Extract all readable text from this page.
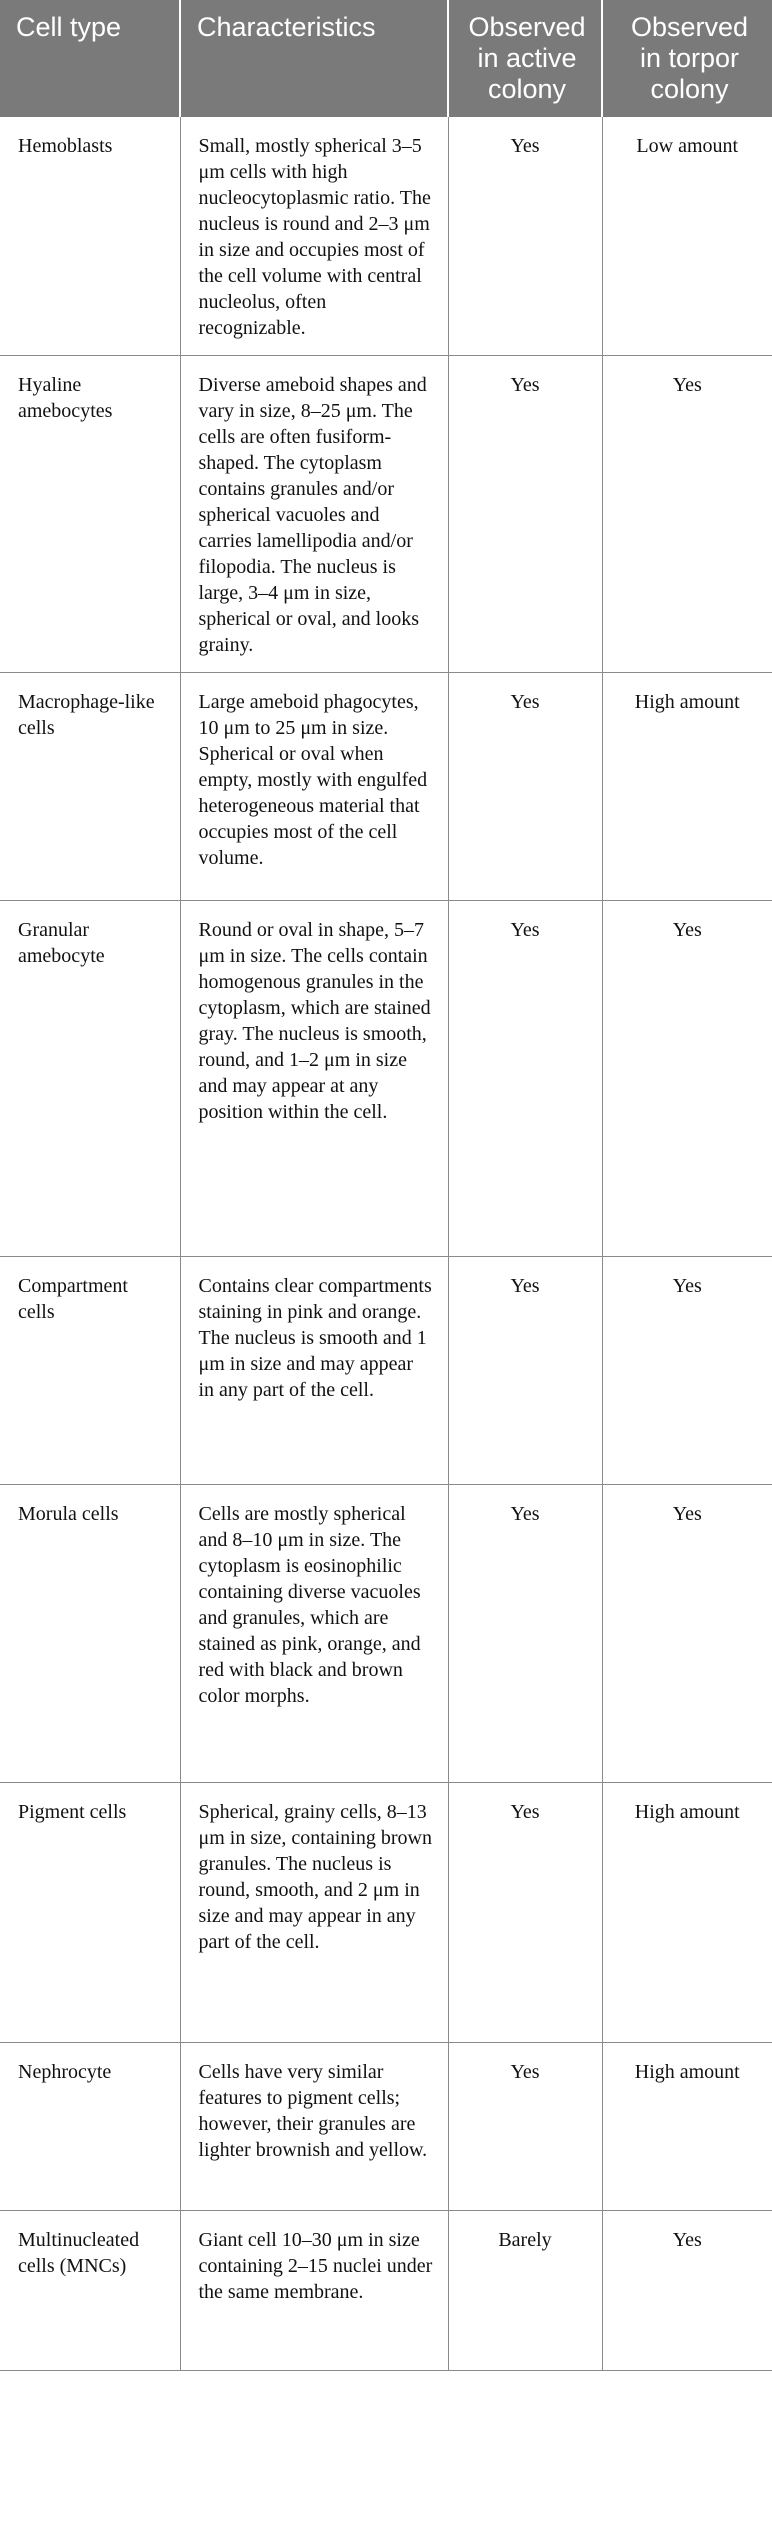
Cell type	Characteristics	Observed in active colony	Observed in torpor colony
Hemoblasts	Small, mostly spherical 3–5 μm cells with high nucleocytoplasmic ratio. The nucleus is round and 2–3 μm in size and occupies most of the cell volume with central nucleolus, often recognizable.	Yes	Low amount
Hyaline amebocytes	Diverse ameboid shapes and vary in size, 8–25 μm. The cells are often fusiform-shaped. The cytoplasm contains granules and/or spherical vacuoles and carries lamellipodia and/or filopodia. The nucleus is large, 3–4 μm in size, spherical or oval, and looks grainy.	Yes	Yes
Macrophage-like cells	Large ameboid phagocytes, 10 μm to 25 μm in size. Spherical or oval when empty, mostly with engulfed heterogeneous material that occupies most of the cell volume.	Yes	High amount
Granular amebocyte	Round or oval in shape, 5–7 μm in size. The cells contain homogenous granules in the cytoplasm, which are stained gray. The nucleus is smooth, round, and 1–2 μm in size and may appear at any position within the cell.	Yes	Yes
Compartment cells	Contains clear compartments staining in pink and orange. The nucleus is smooth and 1 μm in size and may appear in any part of the cell.	Yes	Yes
Morula cells	Cells are mostly spherical and 8–10 μm in size. The cytoplasm is eosinophilic containing diverse vacuoles and granules, which are stained as pink, orange, and red with black and brown color morphs.	Yes	Yes
Pigment cells	Spherical, grainy cells, 8–13 μm in size, containing brown granules. The nucleus is round, smooth, and 2 μm in size and may appear in any part of the cell.	Yes	High amount
Nephrocyte	Cells have very similar features to pigment cells; however, their granules are lighter brownish and yellow.	Yes	High amount
Multinucleated cells (MNCs)	Giant cell 10–30 μm in size containing 2–15 nuclei under the same membrane.	Barely	Yes
